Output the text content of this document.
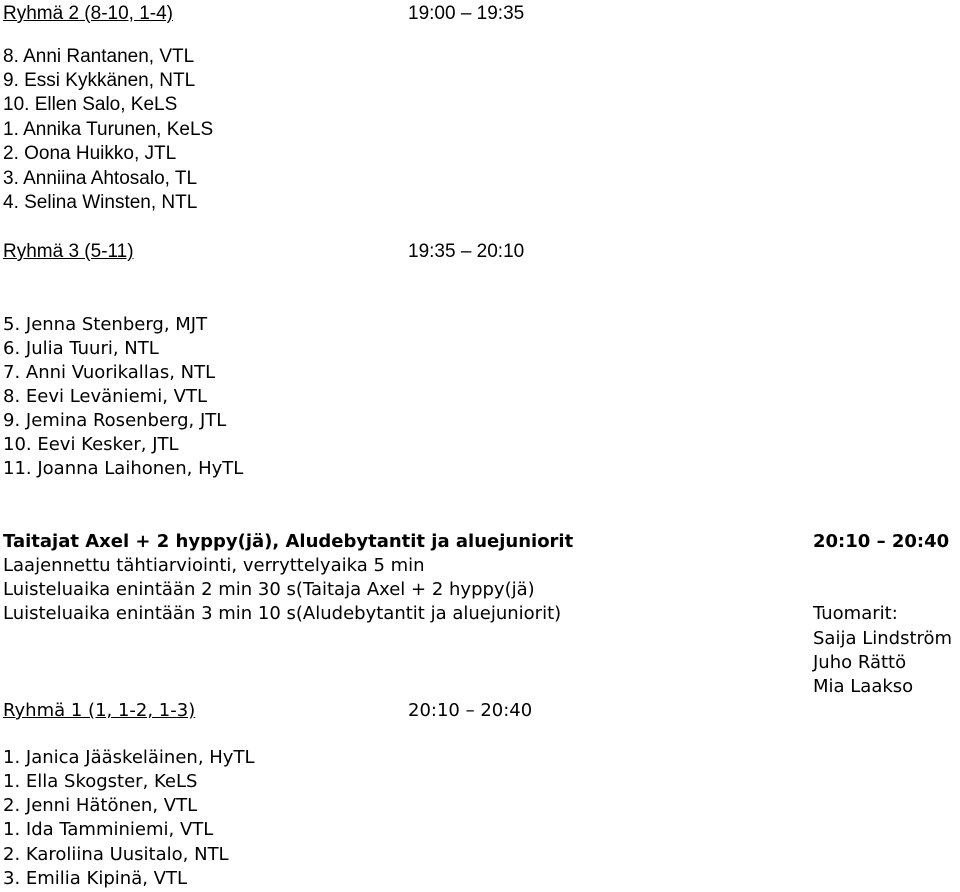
Ryhmä 2 (8-10, 1-4)	19:00 – 19:35
8. Anni Rantanen, VTL
9. Essi Kykkänen, NTL
10. Ellen Salo, KeLS
1. Annika Turunen, KeLS
2. Oona Huikko, JTL
3. Anniina Ahtosalo, TL
4. Selina Winsten, NTL
Ryhmä 3 (5-11)	19:35 – 20:10
5. Jenna Stenberg, MJT
6. Julia Tuuri, NTL
7. Anni Vuorikallas, NTL
8. Eevi Leväniemi, VTL
9. Jemina Rosenberg, JTL
10. Eevi Kesker, JTL
11. Joanna Laihonen, HyTL
Taitajat Axel + 2 hyppy(jä), Aludebytantit ja aluejuniorit	20:10 – 20:40
Laajennettu tähtiarviointi, verryttelyaika 5 min
Luisteluaika enintään 2 min 30 s(Taitaja Axel + 2 hyppy(jä)
Luisteluaika enintään 3 min 10 s(Aludebytantit ja aluejuniorit)	Tuomarit:
Saija Lindström
Juho Rättö
Mia Laakso
Ryhmä 1 (1, 1-2, 1-3)	20:10 – 20:40
1. Janica Jääskeläinen, HyTL
1. Ella Skogster, KeLS
2. Jenni Hätönen, VTL
1. Ida Tamminiemi, VTL
2. Karoliina Uusitalo, NTL
3. Emilia Kipinä, VTL
